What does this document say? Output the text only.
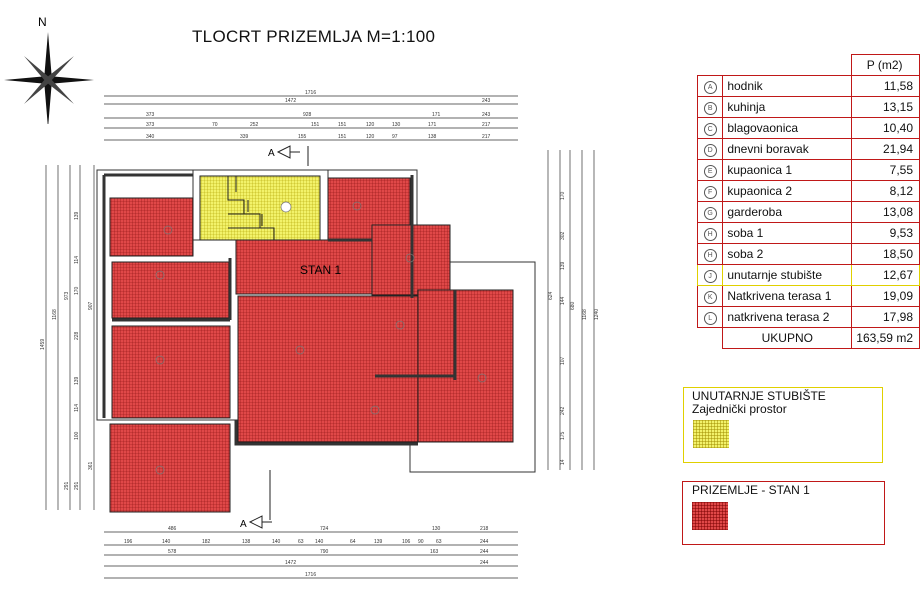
TLOCRT PRIZEMLJA M=1:100
N
STAN 1
A
A
1716
1472	243
373	928	171	243
373	70	252	151	151	120	130	171	217
340	339	155	151	120	97	138	217
486	724	130	218
196	140	182	138	140	63 140	64	139	106 90 63	244
578	790	163	244
1472	244
1716
1459
1168
973
291
139
114
170
228
139
114
100
291
907
361
1240
1168
624
680
170
302
139
144
107
242
175
14
		P (m2)
A	hodnik	11,58
B	kuhinja	13,15
C	blagovaonica	10,40
D	dnevni boravak	21,94
E	kupaonica 1	7,55
F	kupaonica 2	8,12
G	garderoba	13,08
H	soba 1	9,53
H	soba 2	18,50
J	unutarnje stubište	12,67
K	Natkrivena terasa 1	19,09
L	natkrivena terasa 2	17,98
	UKUPNO	163,59 m2
UNUTARNJE STUBIŠTE
Zajednički prostor
PRIZEMLJE - STAN 1
